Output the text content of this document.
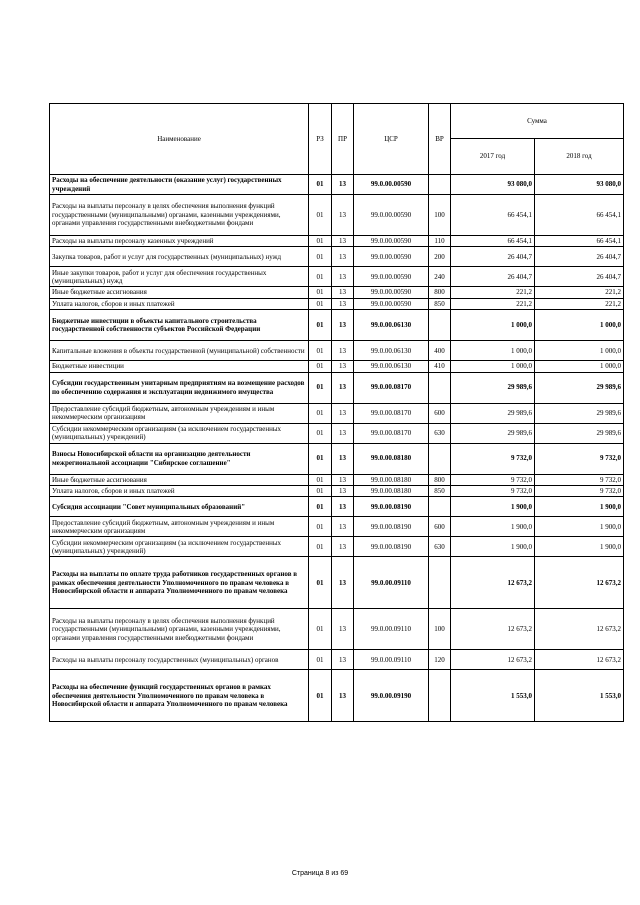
Наименование	РЗ	ПР	ЦСР	ВР	Сумма	
					2017 год	2018 год
Расходы на обеспечение деятельности (оказание услуг) государственных учреждений	01	13	99.0.00.00590		93 080,0	93 080,0
Расходы на выплаты персоналу в целях обеспечения выполнения функций государственными (муниципальными) органами, казенными учреждениями, органами управления государственными внебюджетными фондами	01	13	99.0.00.00590	100	66 454,1	66 454,1
Расходы на выплаты персоналу казенных учреждений	01	13	99.0.00.00590	110	66 454,1	66 454,1
Закупка товаров, работ и услуг для государственных (муниципальных) нужд	01	13	99.0.00.00590	200	26 404,7	26 404,7
Иные закупки товаров, работ и услуг для обеспечения государственных (муниципальных) нужд	01	13	99.0.00.00590	240	26 404,7	26 404,7
Иные бюджетные ассигнования	01	13	99.0.00.00590	800	221,2	221,2
Уплата налогов, сборов и иных платежей	01	13	99.0.00.00590	850	221,2	221,2
Бюджетные инвестиции в объекты капитального строительства государственной собственности субъектов Российской Федерации	01	13	99.0.00.06130		1 000,0	1 000,0
Капитальные вложения в объекты государственной (муниципальной) собственности	01	13	99.0.00.06130	400	1 000,0	1 000,0
Бюджетные инвестиции	01	13	99.0.00.06130	410	1 000,0	1 000,0
Субсидии государственным унитарным предприятиям на возмещение расходов по обеспечению содержания и эксплуатации недвижимого имущества	01	13	99.0.00.08170		29 989,6	29 989,6
Предоставление субсидий бюджетным, автономным учреждениям и иным некоммерческим организациям	01	13	99.0.00.08170	600	29 989,6	29 989,6
Субсидии некоммерческим организациям (за исключением государственных (муниципальных) учреждений)	01	13	99.0.00.08170	630	29 989,6	29 989,6
Взносы Новосибирской области на организацию деятельности межрегиональной ассоциации "Сибирское соглашение"	01	13	99.0.00.08180		9 732,0	9 732,0
Иные бюджетные ассигнования	01	13	99.0.00.08180	800	9 732,0	9 732,0
Уплата налогов, сборов и иных платежей	01	13	99.0.00.08180	850	9 732,0	9 732,0
Субсидия ассоциации "Совет муниципальных образований"	01	13	99.0.00.08190		1 900,0	1 900,0
Предоставление субсидий бюджетным, автономным учреждениям и иным некоммерческим организациям	01	13	99.0.00.08190	600	1 900,0	1 900,0
Субсидии некоммерческим организациям (за исключением государственных (муниципальных) учреждений)	01	13	99.0.00.08190	630	1 900,0	1 900,0
Расходы на выплаты по оплате труда работников государственных органов в рамках обеспечения деятельности Уполномоченного по правам человека в Новосибирской области и аппарата Уполномоченного по правам человека	01	13	99.0.00.09110		12 673,2	12 673,2
Расходы на выплаты персоналу в целях обеспечения выполнения функций государственными (муниципальными) органами, казенными учреждениями, органами управления государственными внебюджетными фондами	01	13	99.0.00.09110	100	12 673,2	12 673,2
Расходы на выплаты персоналу государственных (муниципальных) органов	01	13	99.0.00.09110	120	12 673,2	12 673,2
Расходы на обеспечение функций государственных органов в рамках обеспечения деятельности Уполномоченного по правам человека в Новосибирской области и аппарата Уполномоченного по правам человека	01	13	99.0.00.09190		1 553,0	1 553,0
Страница 8 из 69
